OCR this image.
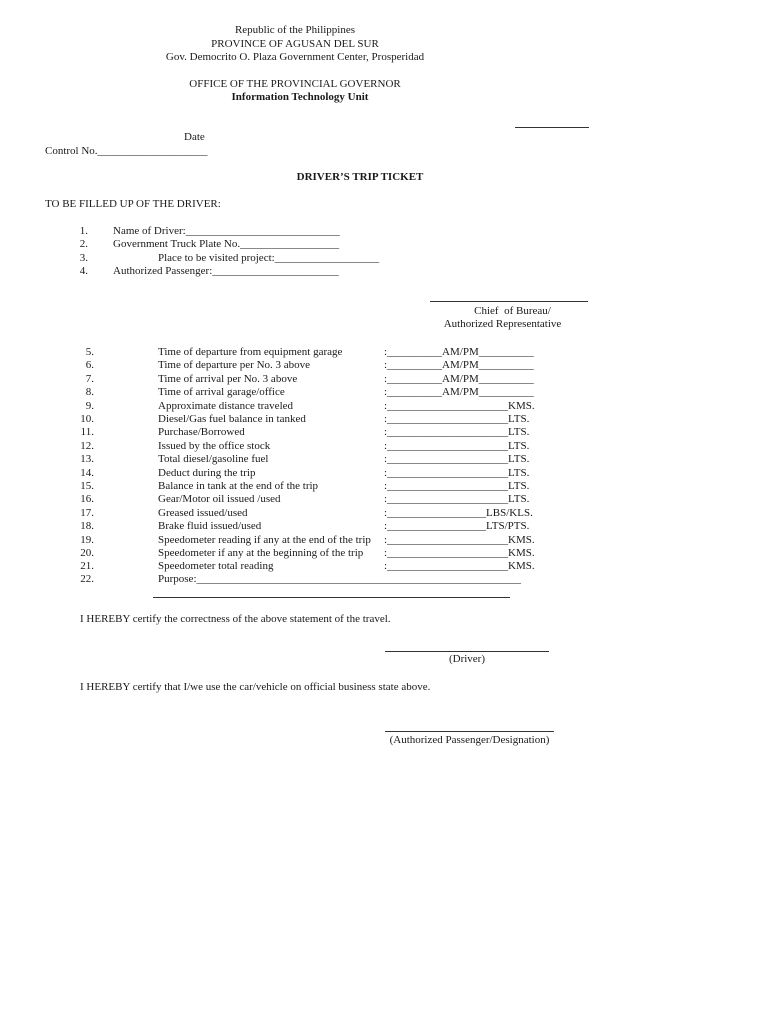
Republic of the Philippines
PROVINCE OF AGUSAN DEL SUR
Gov. Democrito O. Plaza Government Center, Prosperidad
OFFICE OF THE PROVINCIAL GOVERNOR
Information Technology Unit
Date
Control No.____________________
DRIVER’S TRIP TICKET
TO BE FILLED UP OF THE DRIVER:
1. Name of Driver:____________________________
2. Government Truck Plate No.__________________
3.	Place to be visited project:___________________
4. Authorized Passenger:_______________________
Chief  of Bureau/
Authorized Representative
5.	Time of departure from equipment garage	:__________AM/PM__________
6.	Time of departure per No. 3 above	:__________AM/PM__________
7.	Time of arrival per No. 3 above	:__________AM/PM__________
8.	Time of arrival garage/office	:__________AM/PM__________
9.	Approximate distance traveled	:______________________KMS.
10.	Diesel/Gas fuel balance in tanked	:______________________LTS.
11.	Purchase/Borrowed	:______________________LTS.
12.	Issued by the office stock	:______________________LTS.
13.	Total diesel/gasoline fuel	:______________________LTS.
14.	Deduct during the trip	:______________________LTS.
15.	Balance in tank at the end of the trip	:______________________LTS.
16.	Gear/Motor oil issued /used	:______________________LTS.
17.	Greased issued/used	:__________________LBS/KLS.
18.	Brake fluid issued/used	:__________________LTS/PTS.
19.	Speedometer reading if any at the end of the trip :______________________KMS.
20.	Speedometer if any at the beginning of the trip :______________________KMS.
21.	Speedometer total reading	:______________________KMS.
22.	Purpose:___________________________________________________________
I HEREBY certify the correctness of the above statement of the travel.
(Driver)
I HEREBY certify that I/we use the car/vehicle on official business state above.
(Authorized Passenger/Designation)
